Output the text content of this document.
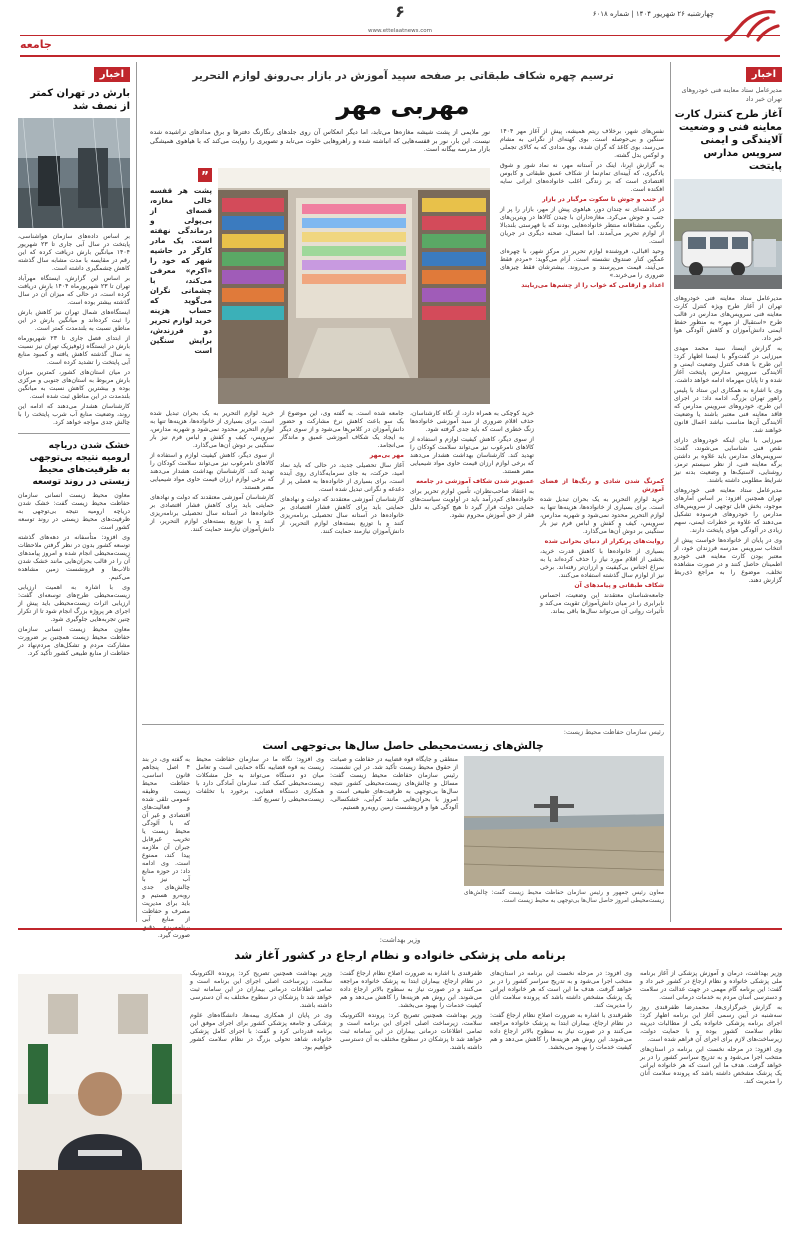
چهارشنبه ۲۶ شهریور ۱۴۰۴ | شماره ۶۰۱۸
۶
www.ettelaatnews.com
جامعه
اخبار
مدیرعامل ستاد معاینه فنی خودروهای تهران خبر داد
آغاز طرح کنترل کارت معاینه فنی و وضعیت آلایندگی و ایمنی سرویس مدارس پایتخت

مدیرعامل ستاد معاینه فنی خودروهای تهران از آغاز طرح ویژه کنترل کارت معاینه فنی سرویس‌های مدارس در قالب طرح «استقبال از مهر» به منظور حفظ ایمنی دانش‌آموزان و کاهش آلودگی هوا خبر داد.

به گزارش ایسنا، سید محمد مهدی میرزایی در گفت‌وگو با ایسنا اظهار کرد: این طرح با هدف کنترل وضعیت ایمنی و آلایندگی سرویس مدارس پایتخت آغاز شده و تا پایان مهرماه ادامه خواهد داشت.

وی با اشاره به همکاری این ستاد با پلیس راهور تهران بزرگ، ادامه داد: در اجرای این طرح، خودروهای سرویس مدارس که فاقد معاینه فنی معتبر باشند یا وضعیت آلایندگی آن‌ها مناسب نباشد اعمال قانون خواهند شد.

میرزایی با بیان اینکه خودروهای دارای نقص فنی شناسایی می‌شوند، گفت: سرویس‌های مدارس باید علاوه بر داشتن برگه معاینه فنی، از نظر سیستم ترمز، روشنایی، لاستیک‌ها و وضعیت بدنه نیز شرایط مطلوبی داشته باشند.

مدیرعامل ستاد معاینه فنی خودروهای تهران همچنین افزود: بر اساس آمارهای موجود، بخش قابل توجهی از سرویس‌های مدارس را خودروهای فرسوده تشکیل می‌دهند که علاوه بر خطرات ایمنی، سهم زیادی در آلودگی هوای پایتخت دارند.

وی در پایان از خانواده‌ها خواست پیش از انتخاب سرویس مدرسه فرزندان خود، از معتبر بودن کارت معاینه فنی خودرو اطمینان حاصل کنند و در صورت مشاهده تخلف، موضوع را به مراجع ذی‌ربط گزارش دهند.

اخبار
بارش در تهران کمتر از نصف شد

بر اساس داده‌های سازمان هواشناسی، پایتخت در سال آبی جاری تا ۲۳ شهریور ۱۴۰۴ میانگین بارش دریافت کرده که این رقم در مقایسه با مدت مشابه سال گذشته کاهش چشمگیری داشته است.

بر اساس این گزارش، ایستگاه مهرآباد تهران تا ۲۳ شهریورماه ۱۴۰۴ بارش دریافت کرده است، در حالی که میزان آن در سال گذشته بیشتر بوده است.

ایستگاه‌های شمال تهران نیز کاهش بارش را ثبت کرده‌اند و میانگین بارش در این مناطق نسبت به بلندمدت کمتر است.

از ابتدای فصل جاری تا ۲۳ شهریورماه بارش در ایستگاه ژئوفیزیک تهران نیز نسبت به سال گذشته کاهش یافته و کمبود منابع آبی پایتخت را تشدید کرده است.

در میان استان‌های کشور، کمترین میزان بارش مربوط به استان‌های جنوبی و مرکزی بوده و بیشترین کاهش نسبت به میانگین بلندمدت در این مناطق ثبت شده است.

کارشناسان هشدار می‌دهند که ادامه این روند، وضعیت منابع آب شرب پایتخت را با چالش جدی مواجه خواهد کرد.

خشک شدن دریاچه ارومیه نتیجه بی‌توجهی به ظرفیت‌های محیط زیستی در روند توسعه

معاون محیط زیست انسانی سازمان حفاظت محیط زیست گفت: خشک شدن دریاچه ارومیه نتیجه بی‌توجهی به ظرفیت‌های محیط زیستی در روند توسعه کشور است.

وی افزود: متأسفانه در دهه‌های گذشته توسعه کشور بدون در نظر گرفتن ملاحظات زیست‌محیطی انجام شده و امروز پیامدهای آن را در قالب بحران‌هایی مانند خشک شدن تالاب‌ها و فرونشست زمین مشاهده می‌کنیم.

وی با اشاره به اهمیت ارزیابی زیست‌محیطی طرح‌های توسعه‌ای گفت: ارزیابی اثرات زیست‌محیطی باید پیش از اجرای هر پروژه بزرگ انجام شود تا از تکرار چنین تجربه‌هایی جلوگیری شود.

معاون محیط زیست انسانی سازمان حفاظت محیط زیست همچنین بر ضرورت مشارکت مردم و تشکل‌های مردم‌نهاد در حفاظت از منابع طبیعی کشور تأکید کرد.

ترسیم چهره شکاف طبقاتی بر صفحه سپید آموزش در بازار بی‌رونق لوازم التحریر
مهربی مهر
نور ملایمی از پشت شیشه مغازه‌ها می‌تابد، اما دیگر انعکاس آن روی جلدهای رنگارنگ دفترها و برق مدادهای تراشیده شده نیست. این بار، نور بر قفسه‌هایی که انباشته شده و راهروهایی خلوت می‌تابد و تصویری را روایت می‌کند که با هیاهوی همیشگی بازار مدرسه بیگانه است.

نفس‌های شهر، برخلاف ریتم همیشه، پیش از آغاز مهر ۱۴۰۴ سنگین و بی‌حوصله است. بوی کهنه‌ای از نگرانی به مشام می‌رسد، بوی کاغذ که گران شده، بوی مدادی که به کالای تجملی و لوکس بدل گشته.

به گزارش ایرنا، اینک در آستانه مهر، نه نماد شور و شوق یادگیری، که آیینه‌ای تمام‌نما از شکاف عمیق طبقاتی و کابوس اقتصادی است که بر زندگی اغلب خانواده‌های ایرانی سایه افکنده است.

از جنب و جوش تا سکوت مرگبار در بازار

در گذشته‌ای نه چندان دور، هیاهوی پیش از مهر، بازار را پر از جنب و جوش می‌کرد. مغازه‌داران با چیدن کالاها در ویترین‌های رنگین، مشتاقانه منتظر خانواده‌هایی بودند که با فهرستی بلندبالا از لوازم تحریر می‌آمدند. اما امسال، صحنه دیگری در جریان است.

وحید اقبالی، فروشنده لوازم تحریر در مرکز شهر، با چهره‌ای غمگین کنار صندوق نشسته است. آرام می‌گوید: «مردم فقط می‌آیند، قیمت می‌پرسند و می‌روند. بیشترشان فقط چیزهای ضروری را می‌خرند.»

اعداد و ارقامی که خواب را از چشم‌ها می‌ربایند

”
پشت هر قفسه خالی مغازه، قصه‌ای از بی‌پولی و درماندگی نهفته است. یک مادر کارگر در حاشیه شهر که خود را «اکرم» معرفی می‌کند، با چشمانی نگران می‌گوید که حساب هزینه خرید لوازم تحریر دو فرزندش، برایش سنگین است

کمرنگ شدن شادی و رنگ‌ها از فضای آموزش

خرید لوازم التحریر به یک بحران تبدیل شده است. برای بسیاری از خانواده‌ها، هزینه‌ها تنها به لوازم التحریر محدود نمی‌شود و شهریه مدارس، سرویس، کیف و کفش و لباس فرم نیز بار سنگینی بر دوش آن‌ها می‌گذارد.

روایت‌های پرتکرار از دنیای بحرانی شده

بسیاری از خانواده‌ها با کاهش قدرت خرید، بخشی از اقلام مورد نیاز را حذف کرده‌اند یا به سراغ اجناس بی‌کیفیت و ارزان‌تر رفته‌اند. برخی نیز از لوازم سال گذشته استفاده می‌کنند.

شکاف طبقاتی و پیامدهای آن

جامعه‌شناسان معتقدند این وضعیت، احساس نابرابری را در میان دانش‌آموزان تقویت می‌کند و تأثیرات روانی آن می‌تواند سال‌ها باقی بماند.

خرید کوچکی به همراه دارد، از نگاه کارشناسان، حذف اقلام ضروری از سبد آموزشی خانواده‌ها زنگ خطری است که باید جدی گرفته شود.

از سوی دیگر، کاهش کیفیت لوازم و استفاده از کالاهای نامرغوب نیز می‌تواند سلامت کودکان را تهدید کند. کارشناسان بهداشت هشدار می‌دهند که برخی لوازم ارزان قیمت حاوی مواد شیمیایی مضر هستند.

عمیق‌تر شدن شکاف آموزشی در جامعه

به اعتقاد صاحب‌نظران، تأمین لوازم تحریر برای خانواده‌های کم‌درآمد باید در اولویت سیاست‌های حمایتی دولت قرار گیرد تا هیچ کودکی به دلیل فقر از حق آموزش محروم نشود.

جامعه شده است. به گفته وی، این موضوع از یک سو باعث کاهش نرخ مشارکت و حضور دانش‌آموزان در کلاس‌ها می‌شود و از سوی دیگر به ایجاد یک شکاف آموزشی عمیق و ماندگار می‌انجامد.

مهر بی‌مهر

آغاز سال تحصیلی جدید، در حالی که باید نماد امید، حرکت، به جای سرمایه‌گذاری روی آینده است، برای بسیاری از خانواده‌ها به فصلی پر از دغدغه و نگرانی تبدیل شده است.

کارشناسان آموزشی معتقدند که دولت و نهادهای حمایتی باید برای کاهش فشار اقتصادی بر خانواده‌ها در آستانه سال تحصیلی برنامه‌ریزی کنند و با توزیع بسته‌های لوازم التحریر، از دانش‌آموزان نیازمند حمایت کنند.

خرید لوازم التحریر به یک بحران تبدیل شده است. برای بسیاری از خانواده‌ها، هزینه‌ها تنها به لوازم التحریر محدود نمی‌شود و شهریه مدارس، سرویس، کیف و کفش و لباس فرم نیز بار سنگینی بر دوش آن‌ها می‌گذارد.

از سوی دیگر، کاهش کیفیت لوازم و استفاده از کالاهای نامرغوب نیز می‌تواند سلامت کودکان را تهدید کند. کارشناسان بهداشت هشدار می‌دهند که برخی لوازم ارزان قیمت حاوی مواد شیمیایی مضر هستند.

کارشناسان آموزشی معتقدند که دولت و نهادهای حمایتی باید برای کاهش فشار اقتصادی بر خانواده‌ها در آستانه سال تحصیلی برنامه‌ریزی کنند و با توزیع بسته‌های لوازم التحریر، از دانش‌آموزان نیازمند حمایت کنند.

رئیس سازمان حفاظت محیط زیست:
چالش‌های زیست‌محیطی حاصل سال‌ها بی‌توجهی است
معاون رئیس جمهور و رئیس سازمان حفاظت محیط زیست گفت: چالش‌های زیست‌محیطی امروز حاصل سال‌ها بی‌توجهی به محیط زیست است.
منطقی و جایگاه قوه قضاییه در حفاظت و صیانت از حقوق محیط زیست تأکید شد. در این نشست، رئیس سازمان حفاظت محیط زیست گفت: مسائل و چالش‌های زیست‌محیطی کشور نتیجه سال‌ها بی‌توجهی به ظرفیت‌های طبیعی است و امروز با بحران‌هایی مانند کم‌آبی، خشکسالی، آلودگی هوا و فرونشست زمین روبه‌رو هستیم.
وی افزود: نگاه ما در سازمان حفاظت محیط زیست به قوه قضاییه نگاه حمایتی است و تعامل میان دو دستگاه می‌تواند به حل مشکلات زیست‌محیطی کمک کند. سازمان آمادگی دارد با همکاری دستگاه قضایی، برخورد با تخلفات زیست‌محیطی را تسریع کند.
به گفته وی، در بند ۴ اصل پنجاهم قانون اساسی، حفاظت محیط زیست وظیفه عمومی تلقی شده و فعالیت‌های اقتصادی و غیر آن که با آلودگی محیط زیست یا تخریب غیرقابل جبران آن ملازمه پیدا کند، ممنوع است. وی ادامه داد: در حوزه منابع آب نیز با چالش‌های جدی روبه‌رو هستیم و باید برای مدیریت مصرف و حفاظت از منابع آبی صورت گیرد.
وزیر بهداشت:
برنامه ملی پزشکی خانواده و نظام ارجاع در کشور آغاز شد

وزیر بهداشت، درمان و آموزش پزشکی از آغاز برنامه ملی پزشکی خانواده و نظام ارجاع در کشور خبر داد و گفت: این برنامه گام مهمی در جهت عدالت در سلامت و دسترسی آسان مردم به خدمات درمانی است.

به گزارش خبرگزاری‌ها، محمدرضا ظفرقندی روز سه‌شنبه در آیین رسمی آغاز این برنامه اظهار کرد: اجرای برنامه پزشکی خانواده یکی از مطالبات دیرینه نظام سلامت کشور بوده و با حمایت دولت، زیرساخت‌های لازم برای اجرای آن فراهم شده است.

وی افزود: در مرحله نخست این برنامه در استان‌های منتخب اجرا می‌شود و به تدریج سراسر کشور را در بر خواهد گرفت. هدف ما این است که هر خانواده ایرانی یک پزشک مشخص داشته باشد که پرونده سلامت آنان را مدیریت کند.

وی افزود: در مرحله نخست این برنامه در استان‌های منتخب اجرا می‌شود و به تدریج سراسر کشور را در بر خواهد گرفت. هدف ما این است که هر خانواده ایرانی یک پزشک مشخص داشته باشد که پرونده سلامت آنان را مدیریت کند.

ظفرقندی با اشاره به ضرورت اصلاح نظام ارجاع گفت: در نظام ارجاع، بیماران ابتدا به پزشک خانواده مراجعه می‌کنند و در صورت نیاز به سطوح بالاتر ارجاع داده می‌شوند. این روش هم هزینه‌ها را کاهش می‌دهد و هم کیفیت خدمات را بهبود می‌بخشد.

ظفرقندی با اشاره به ضرورت اصلاح نظام ارجاع گفت: در نظام ارجاع، بیماران ابتدا به پزشک خانواده مراجعه می‌کنند و در صورت نیاز به سطوح بالاتر ارجاع داده می‌شوند. این روش هم هزینه‌ها را کاهش می‌دهد و هم کیفیت خدمات را بهبود می‌بخشد.

وزیر بهداشت همچنین تصریح کرد: پرونده الکترونیک سلامت، زیرساخت اصلی اجرای این برنامه است و تمامی اطلاعات درمانی بیماران در این سامانه ثبت خواهد شد تا پزشکان در سطوح مختلف به آن دسترسی داشته باشند.

وزیر بهداشت همچنین تصریح کرد: پرونده الکترونیک سلامت، زیرساخت اصلی اجرای این برنامه است و تمامی اطلاعات درمانی بیماران در این سامانه ثبت خواهد شد تا پزشکان در سطوح مختلف به آن دسترسی داشته باشند.

وی در پایان از همکاری بیمه‌ها، دانشگاه‌های علوم پزشکی و جامعه پزشکی کشور برای اجرای موفق این برنامه قدردانی کرد و گفت: با اجرای کامل پزشکی خانواده، شاهد تحولی بزرگ در نظام سلامت کشور خواهیم بود.
